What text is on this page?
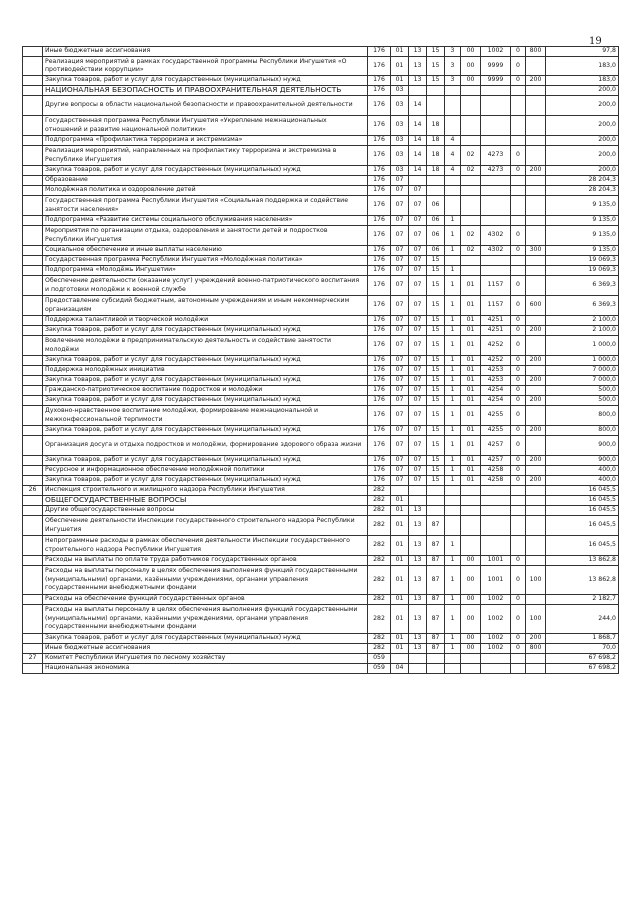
19
	Иные бюджетные ассигнования	176	01	13	15	3	00	1002	0	800	97,8
	Реализация мероприятий в рамках государственной программы Республики Ингушетия «О противодействии коррупции»	176	01	13	15	3	00	9999	0		183,0
	Закупка товаров, работ и услуг для государственных (муниципальных) нужд	176	01	13	15	3	00	9999	0	200	183,0
	НАЦИОНАЛЬНАЯ БЕЗОПАСНОСТЬ И ПРАВООХРАНИТЕЛЬНАЯ ДЕЯТЕЛЬНОСТЬ	176	03								200,0
	Другие вопросы в области национальной безопасности и правоохранительной деятельности	176	03	14							200,0
	Государственная программа Республики Ингушетия «Укрепление межнациональных отношений и развитие национальной политики»	176	03	14	18						200,0
	Подпрограмма «Профилактика терроризма и экстремизма»	176	03	14	18	4					200,0
	Реализация мероприятий, направленных на профилактику терроризма и экстремизма в Республике Ингушетия	176	03	14	18	4	02	4273	0		200,0
	Закупка товаров, работ и услуг для государственных (муниципальных) нужд	176	03	14	18	4	02	4273	0	200	200,0
	Образование	176	07								28 204,3
	Молодёжная политика и оздоровление детей	176	07	07							28 204,3
	Государственная программа Республики Ингушетия «Социальная поддержка и содействие занятости населения»	176	07	07	06						9 135,0
	Подпрограмма «Развитие системы социального обслуживания населения»	176	07	07	06	1					9 135,0
	Мероприятия по организации отдыха, оздоровления и занятости детей и подростков Республики Ингушетия	176	07	07	06	1	02	4302	0		9 135,0
	Социальное обеспечение и иные выплаты населению	176	07	07	06	1	02	4302	0	300	9 135,0
	Государственная программа Республики Ингушетия «Молодёжная политика»	176	07	07	15						19 069,3
	Подпрограмма «Молодёжь Ингушетии»	176	07	07	15	1					19 069,3
	Обеспечение деятельности (оказание услуг) учреждений военно-патриотического воспитания и подготовки молодёжи к военной службе	176	07	07	15	1	01	1157	0		6 369,3
	Предоставление субсидий бюджетным, автономным учреждениям и иным некоммерческим организациям	176	07	07	15	1	01	1157	0	600	6 369,3
	Поддержка талантливой и творческой молодёжи	176	07	07	15	1	01	4251	0		2 100,0
	Закупка товаров, работ и услуг для государственных (муниципальных) нужд	176	07	07	15	1	01	4251	0	200	2 100,0
	Вовлечение молодёжи в предпринимательскую деятельность и содействие занятости молодёжи	176	07	07	15	1	01	4252	0		1 000,0
	Закупка товаров, работ и услуг для государственных (муниципальных) нужд	176	07	07	15	1	01	4252	0	200	1 000,0
	Поддержка молодёжных инициатив	176	07	07	15	1	01	4253	0		7 000,0
	Закупка товаров, работ и услуг для государственных (муниципальных) нужд	176	07	07	15	1	01	4253	0	200	7 000,0
	Гражданско-патриотическое воспитание подростков и молодёжи	176	07	07	15	1	01	4254	0		500,0
	Закупка товаров, работ и услуг для государственных (муниципальных) нужд	176	07	07	15	1	01	4254	0	200	500,0
	Духовно-нравственное воспитание молодёжи, формирование межнациональной и межконфессиональной терпимости	176	07	07	15	1	01	4255	0		800,0
	Закупка товаров, работ и услуг для государственных (муниципальных) нужд	176	07	07	15	1	01	4255	0	200	800,0
	Организация досуга и отдыха подростков и молодёжи, формирование здорового образа жизни	176	07	07	15	1	01	4257	0		900,0
	Закупка товаров, работ и услуг для государственных (муниципальных) нужд	176	07	07	15	1	01	4257	0	200	900,0
	Ресурсное и информационное обеспечение молодёжной политики	176	07	07	15	1	01	4258	0		400,0
	Закупка товаров, работ и услуг для государственных (муниципальных) нужд	176	07	07	15	1	01	4258	0	200	400,0
26	Инспекция строительного и жилищного надзора Республики Ингушетия	282									16 045,5
	ОБЩЕГОСУДАРСТВЕННЫЕ ВОПРОСЫ	282	01								16 045,5
	Другие общегосударственные вопросы	282	01	13							16 045,5
	Обеспечение деятельности Инспекции государственного строительного надзора Республики Ингушетия	282	01	13	87						16 045,5
	Непрограммные расходы в рамках обеспечения деятельности Инспекции государственного строительного надзора Республики Ингушетия	282	01	13	87	1					16 045,5
	Расходы на выплаты по оплате труда работников государственных органов	282	01	13	87	1	00	1001	0		13 862,8
	Расходы на выплаты персоналу в целях обеспечения выполнения функций государственными (муниципальными) органами, казёнными учреждениями, органами управления государственными внебюджетными фондами	282	01	13	87	1	00	1001	0	100	13 862,8
	Расходы на обеспечение функций государственных органов	282	01	13	87	1	00	1002	0		2 182,7
	Расходы на выплаты персоналу в целях обеспечения выполнения функций государственными (муниципальными) органами, казёнными учреждениями, органами управления государственными внебюджетными фондами	282	01	13	87	1	00	1002	0	100	244,0
	Закупка товаров, работ и услуг для государственных (муниципальных) нужд	282	01	13	87	1	00	1002	0	200	1 868,7
	Иные бюджетные ассигнования	282	01	13	87	1	00	1002	0	800	70,0
27	Комитет Республики Ингушетия по лесному хозяйству	059									67 698,2
	Национальная экономика	059	04								67 698,2
